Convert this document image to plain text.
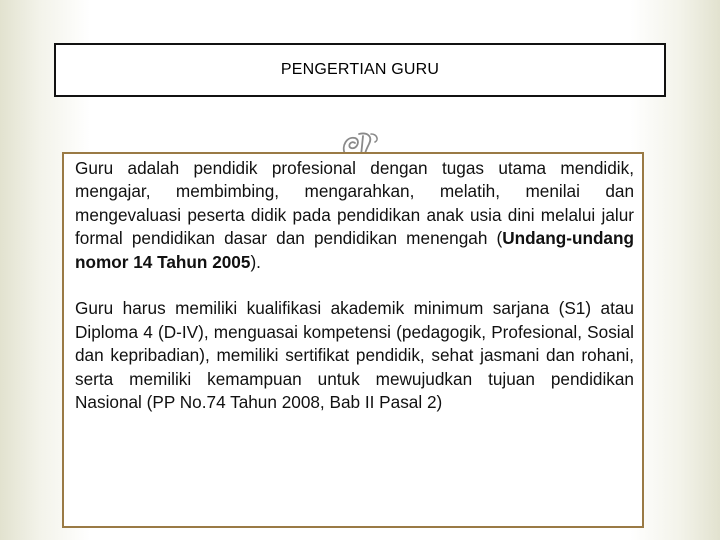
PENGERTIAN GURU

Guru adalah pendidik profesional dengan tugas utama mendidik, mengajar, membimbing, mengarahkan, melatih, menilai dan mengevaluasi peserta didik pada pendidikan anak usia dini melalui jalur formal pendidikan dasar dan pendidikan menengah (Undang-undang nomor 14 Tahun 2005).

Guru harus memiliki kualifikasi akademik minimum sarjana (S1) atau Diploma 4 (D-IV), menguasai kompetensi (pedagogik, Profesional, Sosial dan kepribadian), memiliki sertifikat pendidik, sehat jasmani dan rohani, serta memiliki kemampuan untuk mewujudkan tujuan pendidikan Nasional (PP No.74 Tahun 2008, Bab II Pasal 2)
